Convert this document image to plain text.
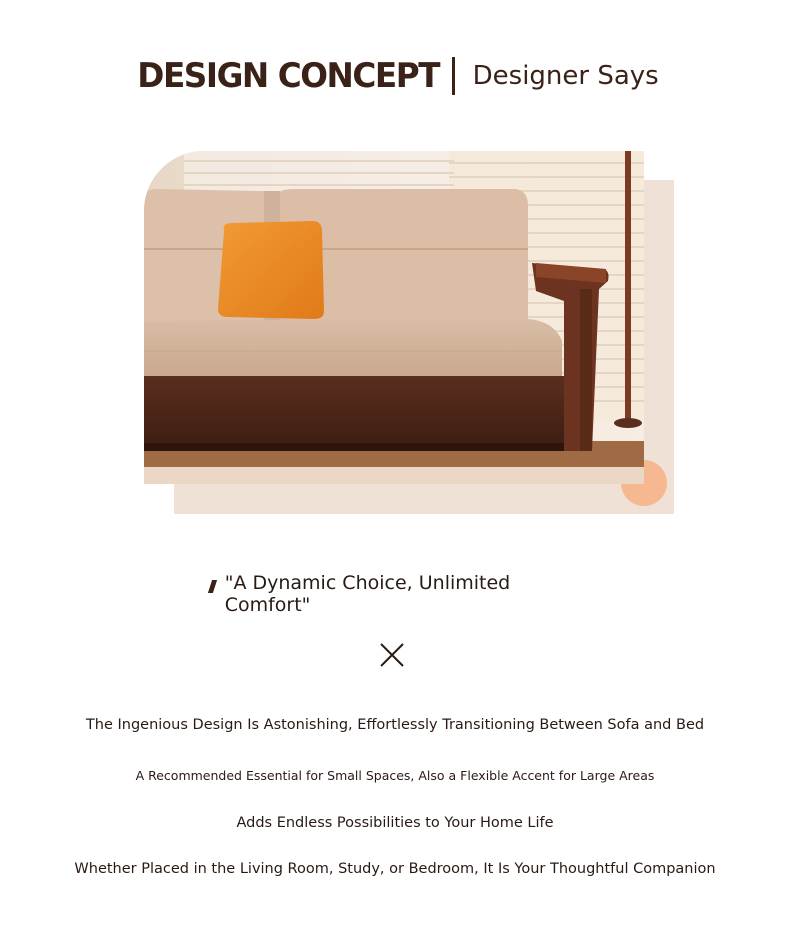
DESIGN CONCEPT Designer Says
"A Dynamic Choice, Unlimited Comfort"
The Ingenious Design Is Astonishing, Effortlessly Transitioning Between Sofa and Bed
A Recommended Essential for Small Spaces, Also a Flexible Accent for Large Areas
Adds Endless Possibilities to Your Home Life
Whether Placed in the Living Room, Study, or Bedroom, It Is Your Thoughtful Companion
